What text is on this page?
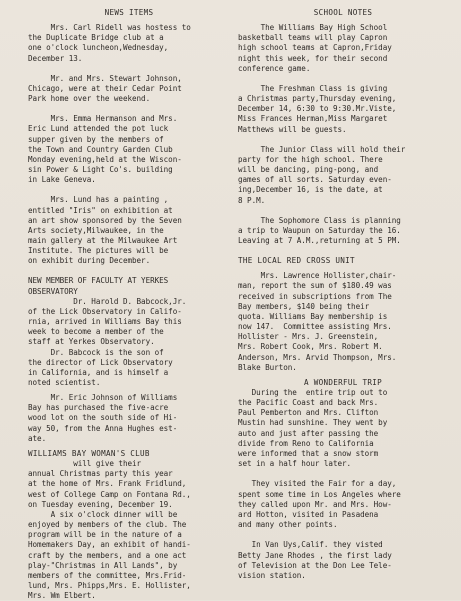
NEWS ITEMS
Mrs. Carl Ridell was hostess to
the Duplicate Bridge club at a
one o'clock luncheon,Wednesday,
December 13.
Mr. and Mrs. Stewart Johnson,
Chicago, were at their Cedar Point
Park home over the weekend.
Mrs. Emma Hermanson and Mrs.
Eric Lund attended the pot luck
supper given by the members of
the Town and Country Garden Club
Monday evening,held at the Wiscon-
sin Power & Light Co's. building
in Lake Geneva.
Mrs. Lund has a painting ,
entitled "Iris" on exhibition at
an art show sponsored by the Seven
Arts society,Milwaukee, in the
main gallery at the Milwaukee Art
Institute. The pictures will be
on exhibit during December.
NEW MEMBER OF FACULTY AT YERKES
OBSERVATORY
Dr. Harold D. Babcock,Jr.
of the Lick Observatory in Califo-
rnia, arrived in Williams Bay this
week to become a member of the
staff at Yerkes Observatory.
Dr. Babcock is the son of
the director of Lick Observatory
in California, and is himself a
noted scientist.
Mr. Eric Johnson of Williams
Bay has purchased the five-acre
wood lot on the south side of Hi-
way 50, from the Anna Hughes est-
ate.
WILLIAMS BAY WOMAN'S CLUB
will give their
annual Christmas party this year
at the home of Mrs. Frank Fridlund,
west of College Camp on Fontana Rd.,
on Tuesday evening, December 19.
A six o'clock dinner will be
enjoyed by members of the club. The
program will be in the nature of a
Homemakers Day, an exhibit of handi-
craft by the members, and a one act
play-"Christmas in All Lands", by
members of the committee, Mrs.Frid-
lund, Mrs. Phipps,Mrs. E. Hollister,
Mrs. Wm Elbert.
SCHOOL NOTES
The Williams Bay High School
basketball teams will play Capron
high school teams at Capron,Friday
night this week, for their second
conference game.
The Freshman Class is giving
a Christmas party,Thursday evening,
December 14, 6:30 to 9:30.Mr.Viste,
Miss Frances Herman,Miss Margaret
Matthews will be guests.
The Junior Class will hold their
party for the high school. There
will be dancing, ping-pong, and
games of all sorts. Saturday even-
ing,December 16, is the date, at
8 P.M.
The Sophomore Class is planning
a trip to Waupun on Saturday the 16.
Leaving at 7 A.M.,returning at 5 PM.
THE LOCAL RED CROSS UNIT
Mrs. Lawrence Hollister,chair-
man, report the sum of $180.49 was
received in subscriptions from The
Bay members, $140 being their
quota. Williams Bay membership is
now 147.  Committee assisting Mrs.
Hollister - Mrs. J. Greenstein,
Mrs. Robert Cook, Mrs. Robert M.
Anderson, Mrs. Arvid Thompson, Mrs.
Blake Burton.
A WONDERFUL TRIP
During the  entire trip out to
the Pacific Coast and back Mrs.
Paul Pemberton and Mrs. Clifton
Mustin had sunshine. They went by
auto and just after passing the
divide from Reno to California
were informed that a snow storm
set in a half hour later.

They visited the Fair for a day,
spent some time in Los Angeles where
they called upon Mr. and Mrs. How-
ard Hotton, visited in Pasadena
and many other points.

In Van Uys,Calif. they visted
Betty Jane Rhodes , the first lady
of Television at the Don Lee Tele-
vision station.
